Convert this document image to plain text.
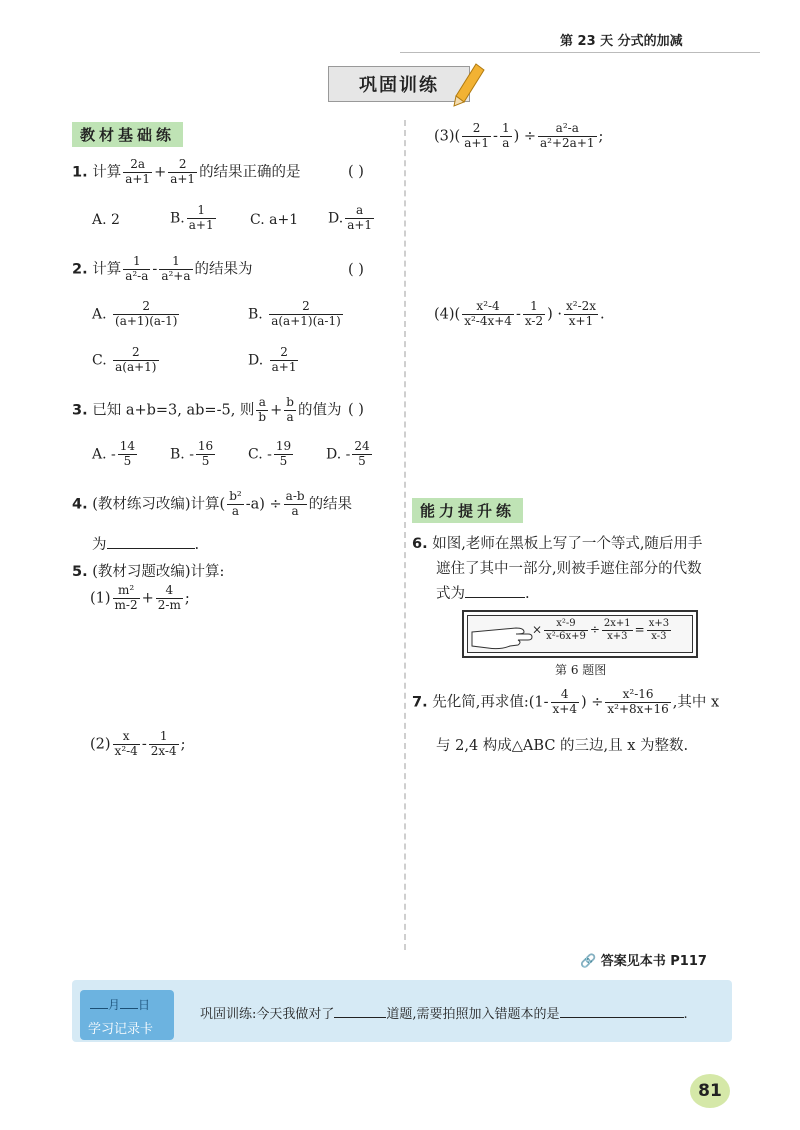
第 23 天 分式的加减
巩固训练
教材基础练
1. 计算 $\frac{2a}{a+1} + \frac{2}{a+1}$ 的结果正确的是	( )
A. 2	B. $\frac{1}{a+1} C$. a+1 D. $\frac{a}{a+1}$
2. 计算 $\frac{1}{\text{a²-a}} - \frac{1}{\text{a²+a}}$ 的结果为	( )
A. $\frac{2}{(a+1)(a-1)}$	B. $\frac{2}{a(a+1)(a-1)}$
C. $\frac{2}{a(a+1)}$	D. $\frac{2}{a+1}$
3. 已知 a+b=3, ab=-5, 则 $\frac{a}{b} + \frac{b}{a}$ 的值为 ( )
A. - $\frac{14}{5} B$. - $\frac{16}{5} C$. - $\frac{19}{5} D$. - $\frac{24}{5}$
4. (教材练习改编)计算( $\frac{\text{b²}}{a} -a) \div \frac{a-b}{a}$ 的结果
为	.
5. (教材习题改编)计算:
$(1) \frac{\text{m²}}{m-2} + \frac{4}{2-m}$ ;
$(2) \frac{x}{\text{x²-4}} - \frac{1}{2x-4}$ ;
$(3)( \frac{2}{a+1} - \frac{1}{a}$ ) ÷ $\frac{\text{a²-a}}{\text{a²+2a+1}}$ ;
$(4)( \frac{\text{x²-4}}{\text{x²-4x+4}} - \frac{1}{x-2}$ ) · $\frac{\text{x²-2x}}{x+1}$ .
能力提升练
6. 如图,老师在黑板上写了一个等式,随后用手
遮住了其中一部分,则被手遮住部分的代数
式为	.
× $\frac{\text{x²-9}}{\text{x²-6x+9}} \div \frac{2x+1}{x+3} = \frac{x+3}{x-3}$
第 6 题图
7. 先化简,再求值:(1- $\frac{4}{x+4}$ ) ÷ $\frac{\text{x²-16}}{\text{x²+8x+16}}$ ,其中 x
与 2,4 构成△ABC 的三边,且 x 为整数.
🔗 答案见本书 P117
月 日
学习记录卡
巩固训练:今天我做对了	道题,需要拍照加入错题本的是	.
81
